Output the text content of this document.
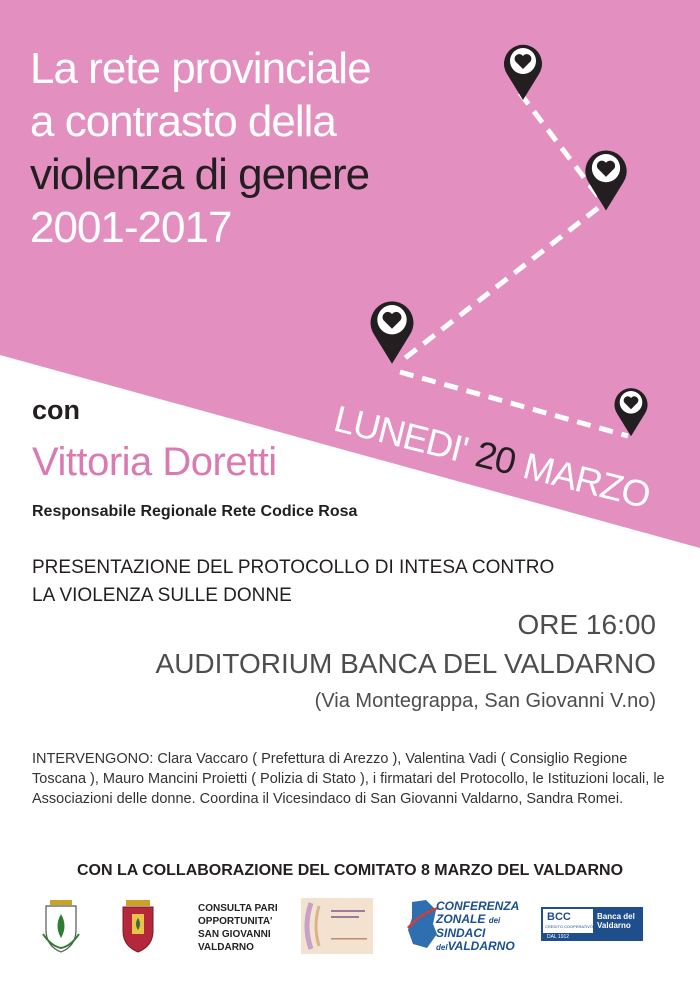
La rete provinciale
a contrasto della
violenza di genere
2001-2017
LUNEDI'20MARZO
con
Vittoria Doretti
Responsabile Regionale Rete Codice Rosa
PRESENTAZIONE DEL PROTOCOLLO DI INTESA CONTRO
LA VIOLENZA SULLE DONNE
ORE 16:00
AUDITORIUM BANCA DEL VALDARNO
(Via Montegrappa, San Giovanni V.no)
INTERVENGONO: Clara Vaccaro ( Prefettura di Arezzo ), Valentina Vadi ( Consiglio Regione Toscana ), Mauro Mancini Proietti ( Polizia di Stato ), i firmatari del Protocollo, le Istituzioni locali, le Associazioni delle donne. Coordina il Vicesindaco di San Giovanni Valdarno, Sandra Romei.
CON LA COLLABORAZIONE DEL COMITATO 8 MARZO DEL VALDARNO
CONSULTA PARI
OPPORTUNITA'
SAN GIOVANNI
VALDARNO
CONFERENZA
ZONALE dei
SINDACI
delVALDARNO
BCC
CREDITO COOPERATIVO
Banca del
Valdarno
DAL 1912
